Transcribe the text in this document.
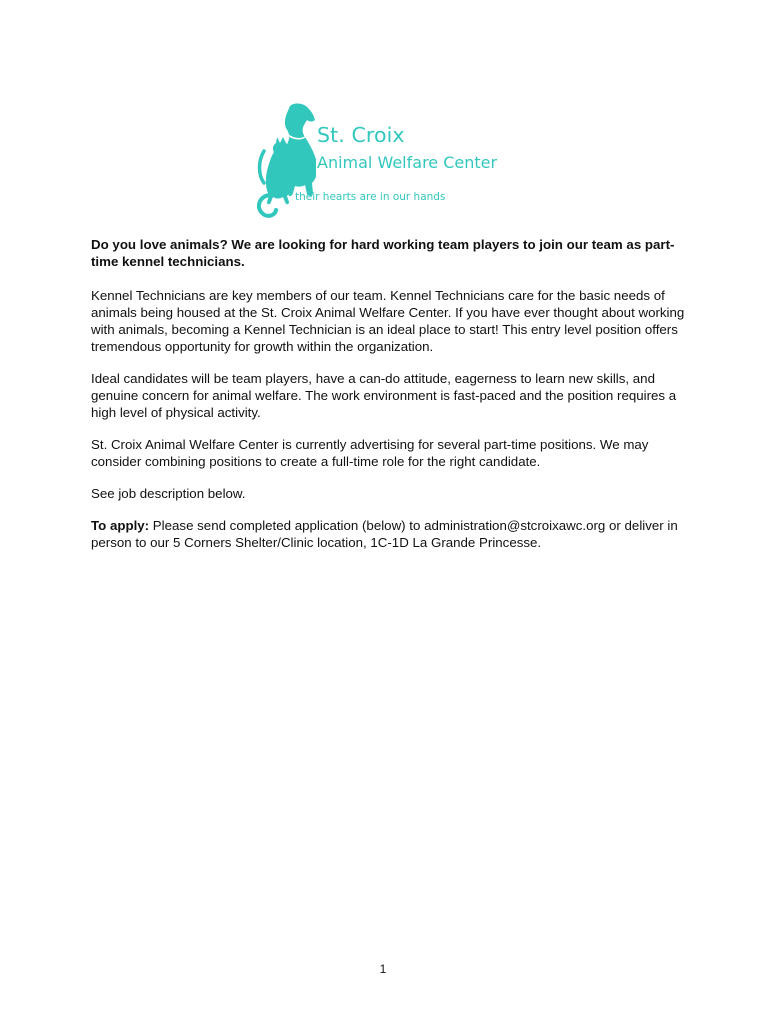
St. Croix
Animal Welfare Center
their hearts are in our hands

Do you love animals? We are looking for hard working team players to join our team as part-time kennel technicians.

Kennel Technicians are key members of our team. Kennel Technicians care for the basic needs of animals being housed at the St. Croix Animal Welfare Center. If you have ever thought about working with animals, becoming a Kennel Technician is an ideal place to start! This entry level position offers tremendous opportunity for growth within the organization.

Ideal candidates will be team players, have a can-do attitude, eagerness to learn new skills, and genuine concern for animal welfare. The work environment is fast-paced and the position requires a high level of physical activity.

St. Croix Animal Welfare Center is currently advertising for several part-time positions. We may consider combining positions to create a full-time role for the right candidate.

See job description below.

To apply: Please send completed application (below) to administration@stcroixawc.org or deliver in person to our 5 Corners Shelter/Clinic location, 1C-1D La Grande Princesse.

1
